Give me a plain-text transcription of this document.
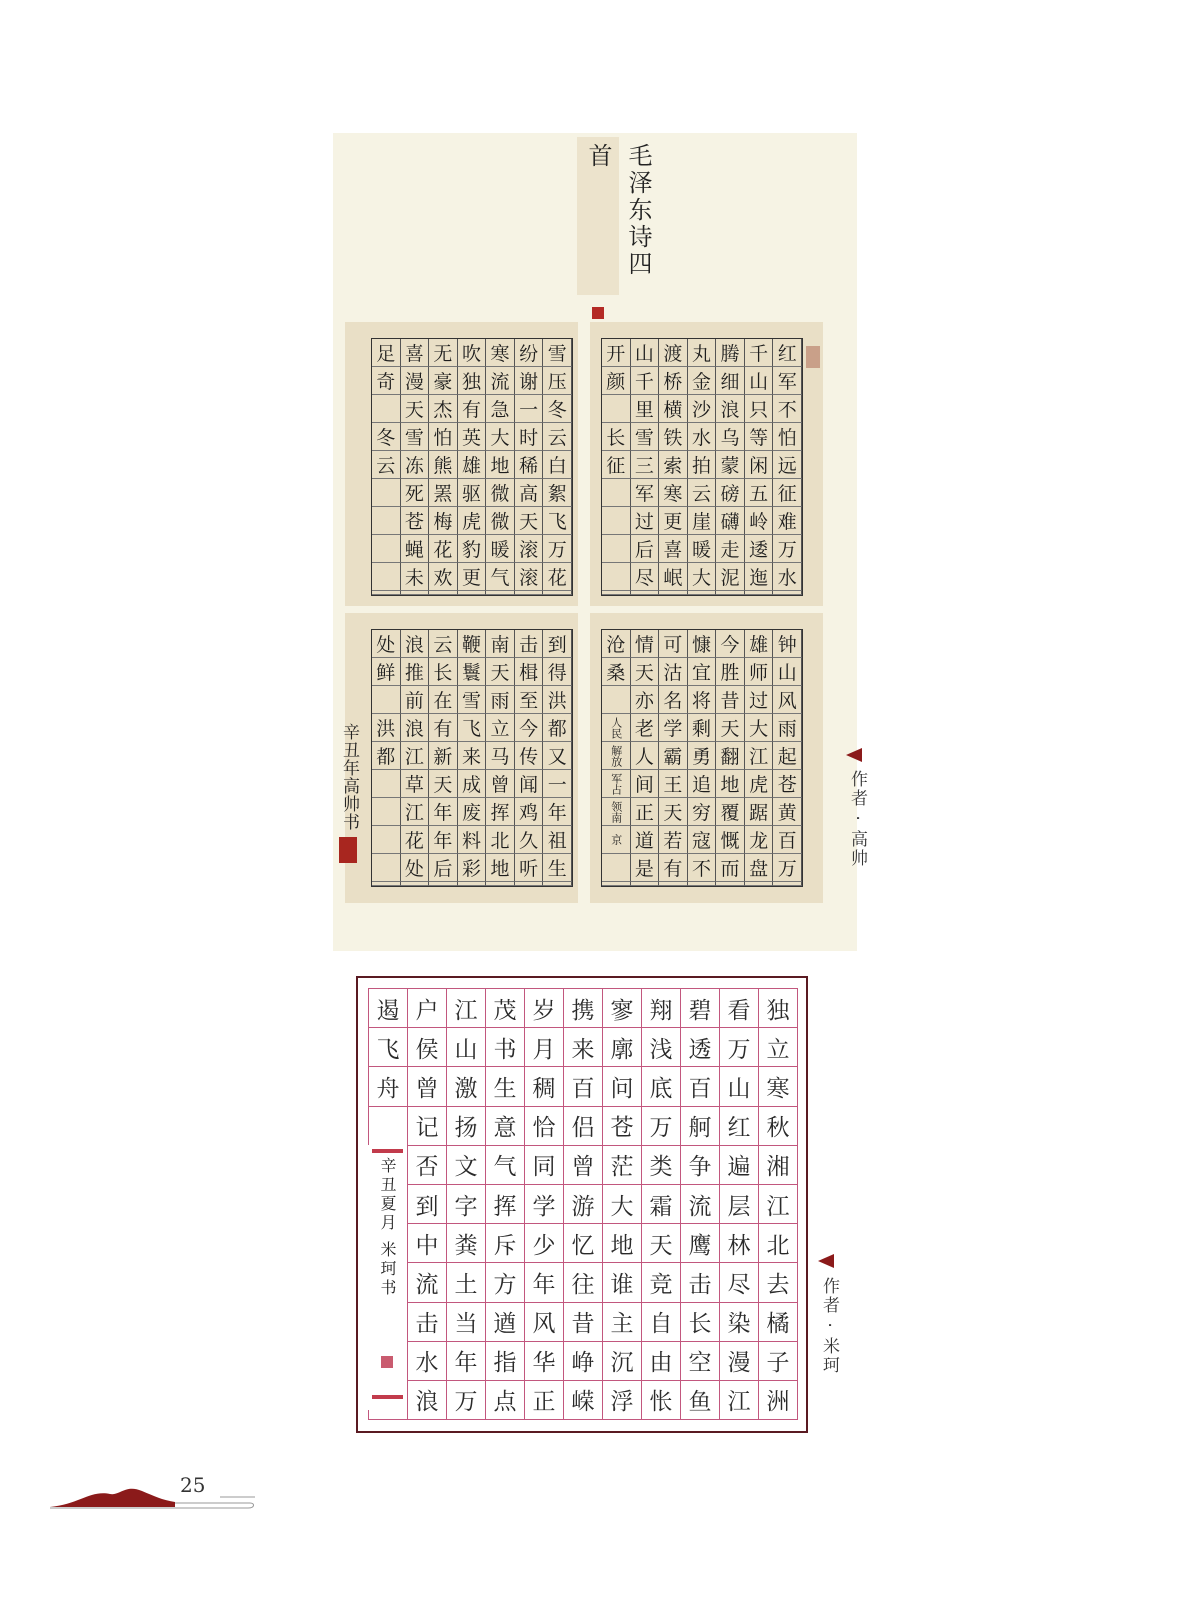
毛泽东诗四首
足 喜 无 吹 寒 纷 雪
奇 漫 豪 独 流 谢 压
天 杰 有 急 一 冬
冬 雪 怕 英 大 时 云
云 冻 熊 雄 地 稀 白
死 罴 驱 微 高 絮
苍 梅 虎 微 天 飞
蝇 花 豹 暖 滚 万
未 欢 更 气 滚 花
开 山 渡 丸 腾 千 红
颜 千 桥 金 细 山 军
里 横 沙 浪 只 不
长 雪 铁 水 乌 等 怕
征 三 索 拍 蒙 闲 远
军 寒 云 磅 五 征
过 更 崖 礴 岭 难
后 喜 暖 走 逶 万
尽 岷 大 泥 迤 水
处 浪 云 鞭 南 击 到
鲜 推 长 鬟 天 楫 得
前 在 雪 雨 至 洪
洪 浪 有 飞 立 今 都
都 江 新 来 马 传 又
草 天 成 曾 闻 一
江 年 废 挥 鸡 年
花 年 料 北 久 祖
处 后 彩 地 听 生
沧 情 可 慷 今 雄 钟
桑 天 沽 宜 胜 师 山
亦 名 将 昔 过 风
人民 老 学 剩 天 大 雨
解放 人 霸 勇 翻 江 起
军占 间 王 追 地 虎 苍
领南 正 天 穷 覆 踞 黄
京 道 若 寇 慨 龙 百
是 有 不 而 盘 万
辛丑年高帅书	作者 · 高帅
遏 户 江 茂 岁 携 寥 翔 碧 看 独
飞 侯 山 书 月 来 廓 浅 透 万 立
舟 曾 激 生 稠 百 问 底 百 山 寒
记 扬 意 恰 侣 苍 万 舸 红 秋
否 文 气 同 曾 茫 类 争 遍 湘
到 字 挥 学 游 大 霜 流 层 江
中 粪 斥 少 忆 地 天 鹰 林 北
流 土 方 年 往 谁 竞 击 尽 去
击 当 遒 风 昔 主 自 长 染 橘
水 年 指 华 峥 沉 由 空 漫 子
浪 万 点 正 嵘 浮 怅 鱼 江 洲
辛丑夏月 米珂书
作者 · 米珂
25
